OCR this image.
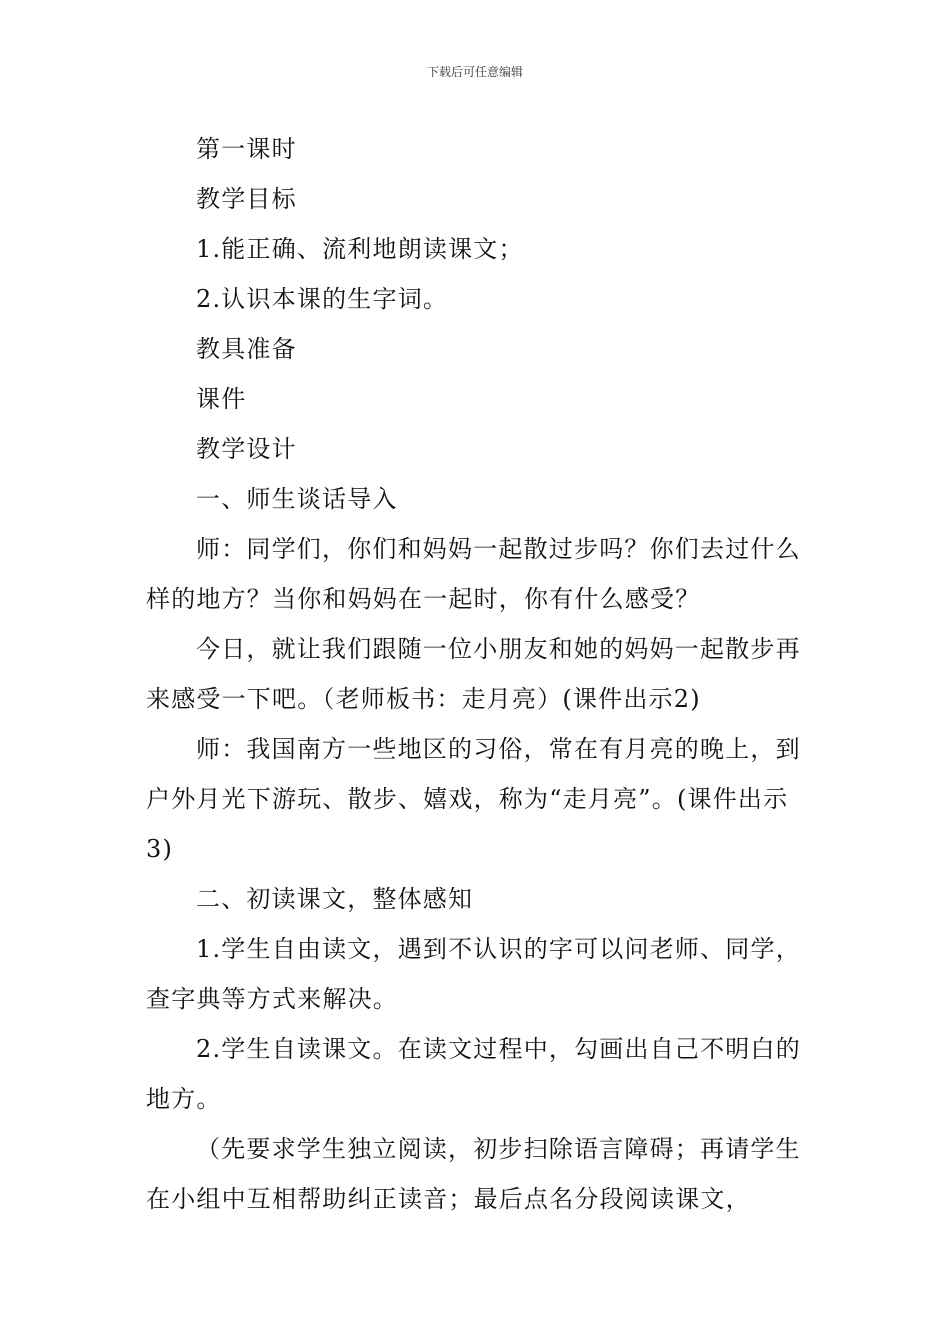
下载后可任意编辑

第一课时

教学目标

1.能正确、流利地朗读课文；

2.认识本课的生字词。

教具准备

课件

教学设计

一、师生谈话导入

师：同学们，你们和妈妈一起散过步吗？你们去过什么样的地方？当你和妈妈在一起时，你有什么感受？

今日，就让我们跟随一位小朋友和她的妈妈一起散步再来感受一下吧。（老师板书：走月亮）(课件出示2)

师：我国南方一些地区的习俗，常在有月亮的晚上，到户外月光下游玩、散步、嬉戏，称为“走月亮”。(课件出示3)

二、初读课文，整体感知

1.学生自由读文，遇到不认识的字可以问老师、同学，查字典等方式来解决。

2.学生自读课文。在读文过程中，勾画出自己不明白的地方。

（先要求学生独立阅读，初步扫除语言障碍；再请学生在小组中互相帮助纠正读音；最后点名分段阅读课文，
